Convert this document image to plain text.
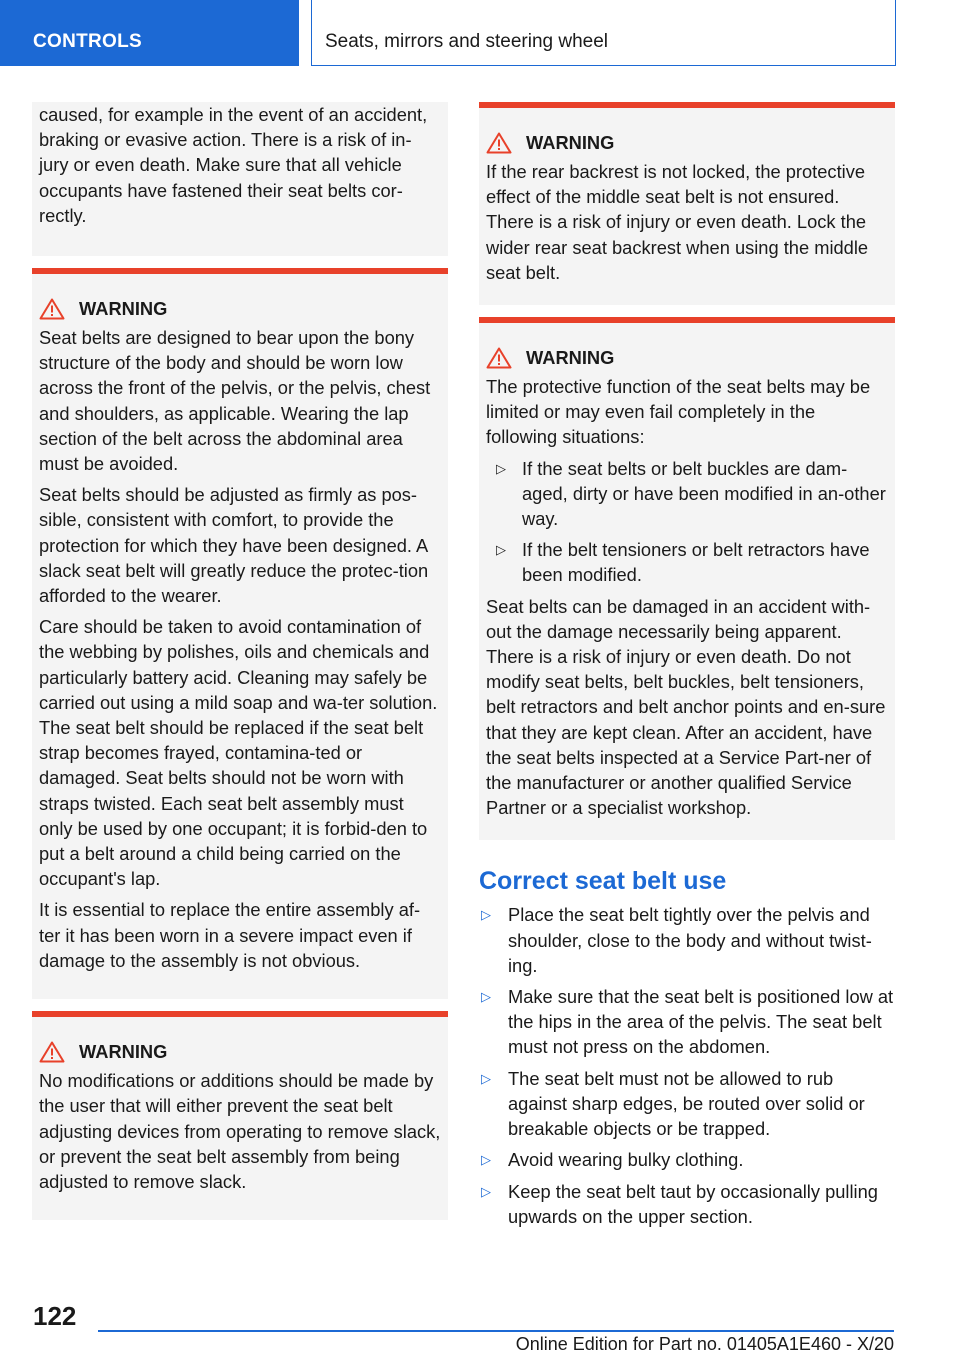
CONTROLS	Seats, mirrors and steering wheel

caused, for example in the event of an accident, braking or evasive action. There is a risk of in-jury or even death. Make sure that all vehicle occupants have fastened their seat belts cor-rectly.

WARNING

Seat belts are designed to bear upon the bony structure of the body and should be worn low across the front of the pelvis, or the pelvis, chest and shoulders, as applicable. Wearing the lap section of the belt across the abdominal area must be avoided.

Seat belts should be adjusted as firmly as pos-sible, consistent with comfort, to provide the protection for which they have been designed. A slack seat belt will greatly reduce the protec-tion afforded to the wearer.

Care should be taken to avoid contamination of the webbing by polishes, oils and chemicals and particularly battery acid. Cleaning may safely be carried out using a mild soap and wa-ter solution. The seat belt should be replaced if the seat belt strap becomes frayed, contamina-ted or damaged. Seat belts should not be worn with straps twisted. Each seat belt assembly must only be used by one occupant; it is forbid-den to put a belt around a child being carried on the occupant's lap.

It is essential to replace the entire assembly af-ter it has been worn in a severe impact even if damage to the assembly is not obvious.

WARNING

No modifications or additions should be made by the user that will either prevent the seat belt adjusting devices from operating to remove slack, or prevent the seat belt assembly from being adjusted to remove slack.

WARNING

If the rear backrest is not locked, the protective effect of the middle seat belt is not ensured. There is a risk of injury or even death. Lock the wider rear seat backrest when using the middle seat belt.

WARNING

The protective function of the seat belts may be limited or may even fail completely in the following situations:

▷ If the seat belts or belt buckles are dam-aged, dirty or have been modified in an-other way.
▷ If the belt tensioners or belt retractors have been modified.

Seat belts can be damaged in an accident with-out the damage necessarily being apparent. There is a risk of injury or even death. Do not modify seat belts, belt buckles, belt tensioners, belt retractors and belt anchor points and en-sure that they are kept clean. After an accident, have the seat belts inspected at a Service Part-ner of the manufacturer or another qualified Service Partner or a specialist workshop.

Correct seat belt use
▷ Place the seat belt tightly over the pelvis and shoulder, close to the body and without twist-ing.
▷ Make sure that the seat belt is positioned low at the hips in the area of the pelvis. The seat belt must not press on the abdomen.
▷ The seat belt must not be allowed to rub against sharp edges, be routed over solid or breakable objects or be trapped.
▷ Avoid wearing bulky clothing.
▷ Keep the seat belt taut by occasionally pulling upwards on the upper section.
122
Online Edition for Part no. 01405A1E460 - X/20
